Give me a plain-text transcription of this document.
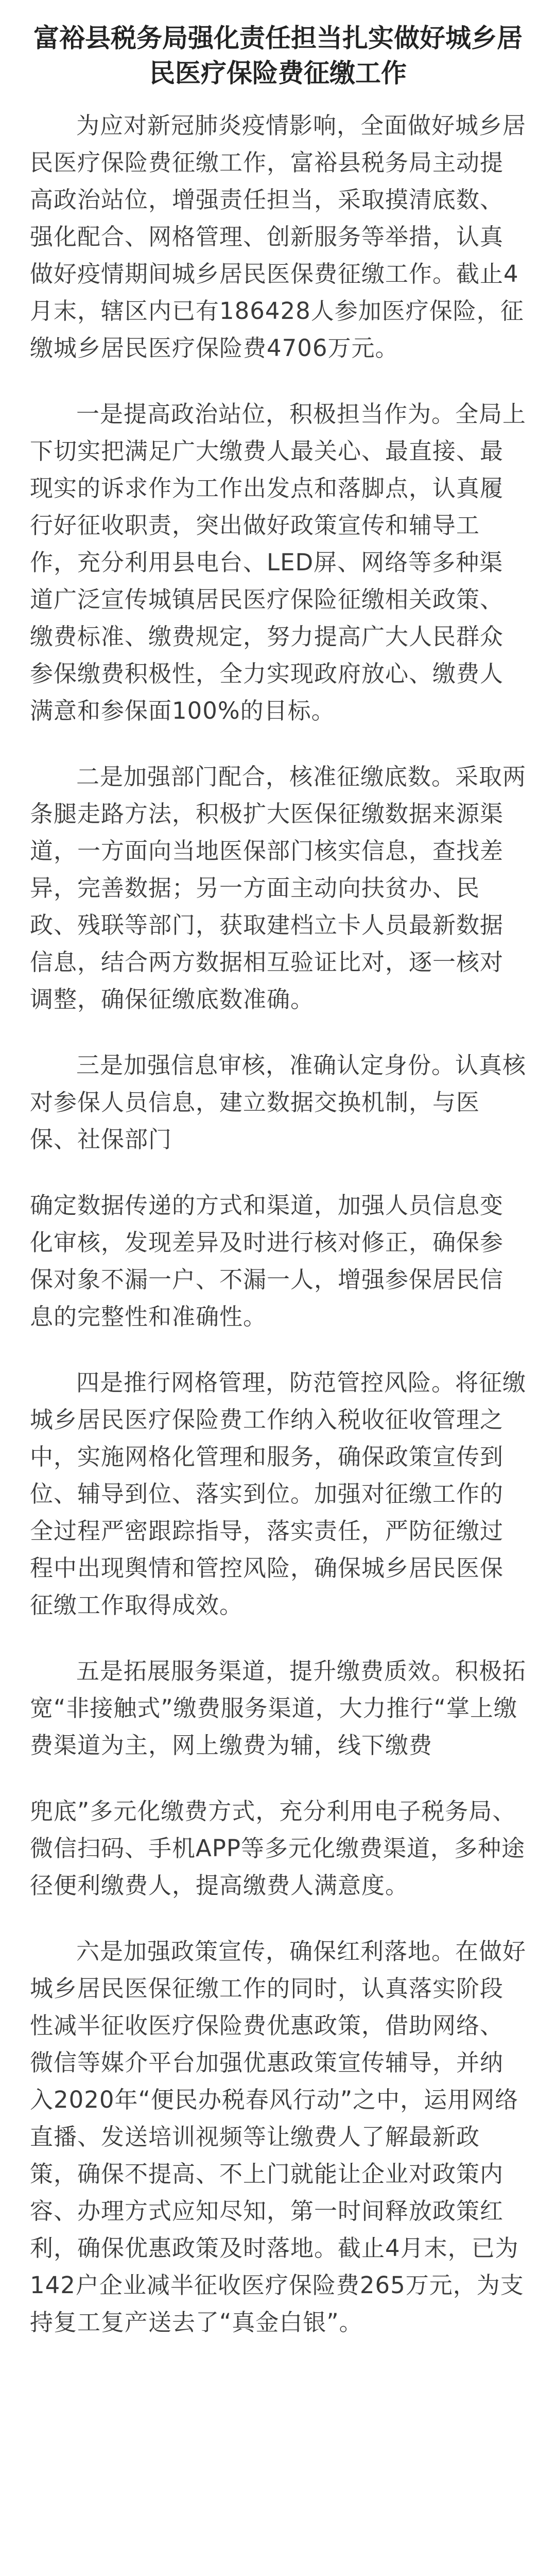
富裕县税务局强化责任担当扎实做好城乡居民医疗保险费征缴工作

为应对新冠肺炎疫情影响，全面做好城乡居民医疗保险费征缴工作，富裕县税务局主动提高政治站位，增强责任担当，采取摸清底数、强化配合、网格管理、创新服务等举措，认真做好疫情期间城乡居民医保费征缴工作。截止4月末，辖区内已有186428人参加医疗保险，征缴城乡居民医疗保险费4706万元。

一是提高政治站位，积极担当作为。全局上下切实把满足广大缴费人最关心、最直接、最现实的诉求作为工作出发点和落脚点，认真履行好征收职责，突出做好政策宣传和辅导工作，充分利用县电台、LED屏、网络等多种渠道广泛宣传城镇居民医疗保险征缴相关政策、缴费标准、缴费规定，努力提高广大人民群众参保缴费积极性，全力实现政府放心、缴费人满意和参保面100%的目标。

二是加强部门配合，核准征缴底数。采取两条腿走路方法，积极扩大医保征缴数据来源渠道，一方面向当地医保部门核实信息，查找差异，完善数据；另一方面主动向扶贫办、民政、残联等部门，获取建档立卡人员最新数据信息，结合两方数据相互验证比对，逐一核对调整，确保征缴底数准确。

三是加强信息审核，准确认定身份。认真核对参保人员信息，建立数据交换机制，与医保、社保部门

确定数据传递的方式和渠道，加强人员信息变化审核，发现差异及时进行核对修正，确保参保对象不漏一户、不漏一人，增强参保居民信息的完整性和准确性。

四是推行网格管理，防范管控风险。将征缴城乡居民医疗保险费工作纳入税收征收管理之中，实施网格化管理和服务，确保政策宣传到位、辅导到位、落实到位。加强对征缴工作的全过程严密跟踪指导，落实责任，严防征缴过程中出现舆情和管控风险，确保城乡居民医保征缴工作取得成效。

五是拓展服务渠道，提升缴费质效。积极拓宽“非接触式”缴费服务渠道，大力推行“掌上缴费渠道为主，网上缴费为辅，线下缴费

兜底”多元化缴费方式，充分利用电子税务局、微信扫码、手机APP等多元化缴费渠道，多种途径便利缴费人，提高缴费人满意度。

六是加强政策宣传，确保红利落地。在做好城乡居民医保征缴工作的同时，认真落实阶段性减半征收医疗保险费优惠政策，借助网络、微信等媒介平台加强优惠政策宣传辅导，并纳入2020年“便民办税春风行动”之中，运用网络直播、发送培训视频等让缴费人了解最新政策，确保不提高、不上门就能让企业对政策内容、办理方式应知尽知，第一时间释放政策红利，确保优惠政策及时落地。截止4月末，已为142户企业减半征收医疗保险费265万元，为支持复工复产送去了“真金白银”。
